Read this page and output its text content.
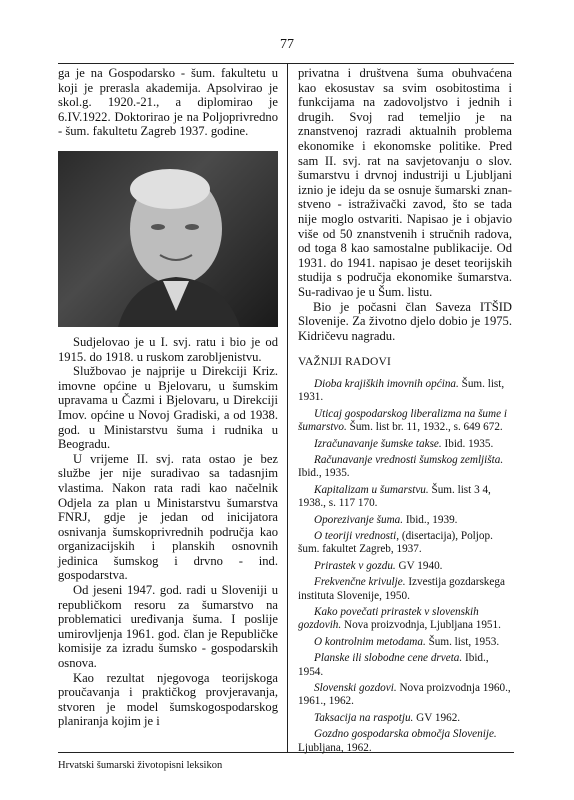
77

ga je na Gospodarsko - šum. fakultetu u koji je prerasla akademija. Apsolvirao je skol.g. 1920.-21., a diplomirao je 6.IV.1922. Doktorirao je na Poljoprivredno - šum. fakultetu Zagreb 1937. godine.

Sudjelovao je u I. svj. ratu i bio je od 1915. do 1918. u ruskom zarobljenistvu.

Službovao je najprije u Direkciji Kriz. imovne općine u Bjelovaru, u šumskim upravama u Čazmi i Bjelovaru, u Direkciji Imov. općine u Novoj Gradiski, a od 1938. god. u Ministarstvu šuma i rudnika u Beogradu.

U vrijeme II. svj. rata ostao je bez službe jer nije suradivao sa tadasnjim vlastima. Nakon rata radi kao načelnik Odjela za plan u Ministarstvu šumarstva FNRJ, gdje je jedan od inicijatora osnivanja šumskoprivrednih područja kao organizacijskih i planskih osnovnih jedinica šumskog i drvno - ind. gospodarstva.

Od jeseni 1947. god. radi u Sloveniji u republičkom resoru za šumarstvo na problematici uređivanja šuma. I poslije umirovljenja 1961. god. član je Republičke komisije za izradu šumsko - gospodarskih osnova.

Kao rezultat njegovoga teorijskoga proučavanja i praktičkog provjeravanja, stvoren je model šumskogospodarskog planiranja kojim je i

privatna i društvena šuma obuhvaćena kao ekosustav sa svim osobitostima i funkcijama na zadovoljstvo i jednih i drugih. Svoj rad temeljio je na znanstvenoj razradi aktualnih problema ekonomike i ekonomske politike. Pred sam II. svj. rat na savjetovanju o slov. šumarstvu i drvnoj industriji u Ljubljani iznio je ideju da se osnuje šumarski znan-stveno - istraživački zavod, što se tada nije moglo ostvariti. Napisao je i objavio više od 50 znanstvenih i stručnih radova, od toga 8 kao samostalne publikacije. Od 1931. do 1941. napisao je deset teorijskih studija s područja ekonomike šumarstva. Su-radivao je u Šum. listu.

Bio je počasni član Saveza ITŠID Slovenije. Za životno djelo dobio je 1975. Kidričevu nagradu.

VAŽNIJI RADOVI
Dioba krajiških imovnih općina. Šum. list, 1931.
Uticaj gospodarskog liberalizma na šume i šumarstvo. Šum. list br. 11, 1932., s. 649 672.
Izračunavanje šumske takse. Ibid. 1935.
Računavanje vrednosti šumskog zemljišta. Ibid., 1935.
Kapitalizam u šumarstvu. Šum. list 3 4, 1938., s. 117 170.
Oporezivanje šuma. Ibid., 1939.
O teoriji vrednosti, (disertacija), Poljop. šum. fakultet Zagreb, 1937.
Prirastek v gozdu. GV 1940.
Frekvenčne krivulje. Izvestija gozdarskega instituta Slovenije, 1950.
Kako povečati prirastek v slovenskih gozdovih. Nova proizvodnja, Ljubljana 1951.
O kontrolnim metodama. Šum. list, 1953.
Planske ili slobodne cene drveta. Ibid., 1954.
Slovenski gozdovi. Nova proizvodnja 1960., 1961., 1962.
Taksacija na raspotju. GV 1962.
Gozdno gospodarska območja Slovenije. Ljubljana, 1962.
Hrvatski šumarski životopisni leksikon
